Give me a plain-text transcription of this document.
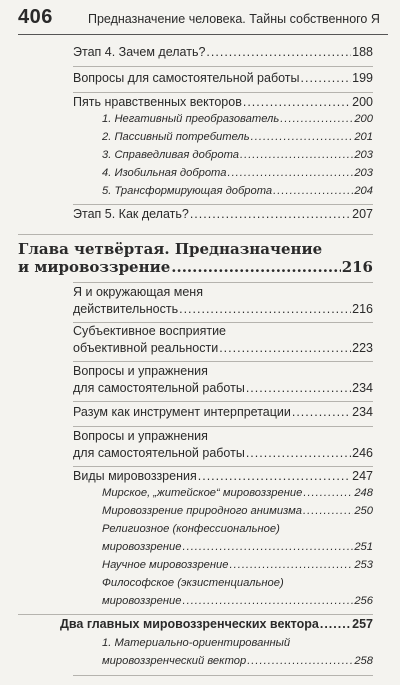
406	Предназначение человека. Тайны собственного Я
Этап 4. Зачем делать? .....	188
Вопросы для самостоятельной работы .....	199
Пять нравственных векторов .....	200
1. Негативный преобразователь .....	200
2. Пассивный потребитель .....	201
3. Справедливая доброта .....	203
4. Изобильная доброта .....	203
5. Трансформирующая доброта .....	204
Этап 5. Как делать? .....	207
Глава четвёртая. Предназначение
и мировоззрение .....	216
Я и окружающая меня
действительность .....	216
Субъективное восприятие
объективной реальности .....	223
Вопросы и упражнения
для самостоятельной работы .....	234
Разум как инструмент интерпретации .....	234
Вопросы и упражнения
для самостоятельной работы .....	246
Виды мировоззрения .....	247
Мирское, „житейское“ мировоззрение .....	248
Мировоззрение природного анимизма .....	250
Религиозное (конфессиональное)
мировоззрение .....	251
Научное мировоззрение .....	253
Философское (экзистенциальное)
мировоззрение .....	256
Два главных мировоззренческих вектора .....	257
1. Материально-ориентированный
мировоззренческий вектор .....	258
